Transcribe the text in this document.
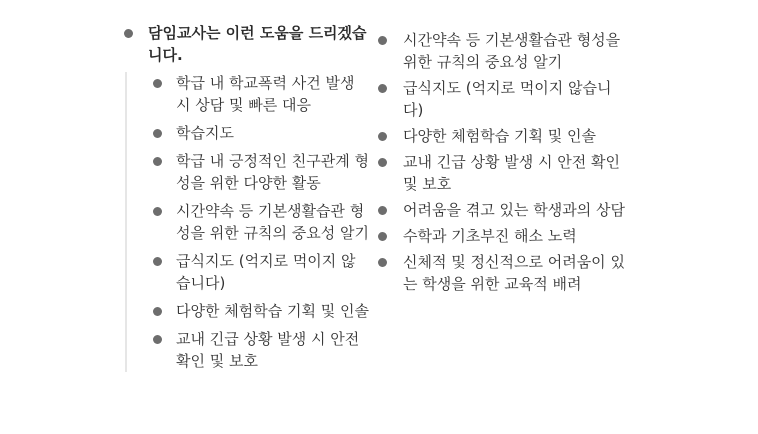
담임교사는 이런 도움을 드리겠습니다.
학급 내 학교폭력 사건 발생 시 상담 및 빠른 대응
학습지도
학급 내 긍정적인 친구관계 형성을 위한 다양한 활동
시간약속 등 기본생활습관 형성을 위한 규칙의 중요성 알기
급식지도 (억지로 먹이지 않습니다)
다양한 체험학습 기획 및 인솔
교내 긴급 상황 발생 시 안전 확인 및 보호
시간약속 등 기본생활습관 형성을 위한 규칙의 중요성 알기
급식지도 (억지로 먹이지 않습니다)
다양한 체험학습 기획 및 인솔
교내 긴급 상황 발생 시 안전 확인 및 보호
어려움을 겪고 있는 학생과의 상담
수학과 기초부진 해소 노력
신체적 및 정신적으로 어려움이 있는 학생을 위한 교육적 배려
